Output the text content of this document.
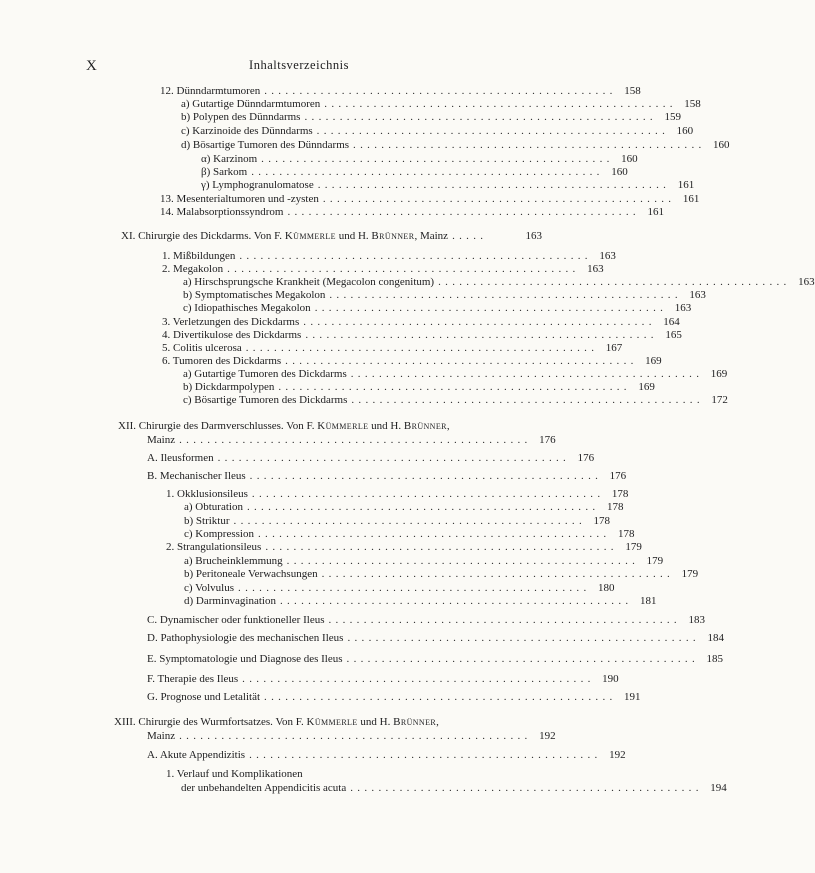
X	Inhaltsverzeichnis
12. Dünndarmtumoren .................................................. 158
a) Gutartige Dünndarmtumoren .................................................. 158
b) Polypen des Dünndarms .................................................. 159
c) Karzinoide des Dünndarms .................................................. 160
d) Bösartige Tumoren des Dünndarms .................................................. 160
α) Karzinom .................................................. 160
β) Sarkom .................................................. 160
γ) Lymphogranulomatose .................................................. 161
13. Mesenterialtumoren und -zysten .................................................. 161
14. Malabsorptionssyndrom .................................................. 161
XI. Chirurgie des Dickdarms. Von F. Kümmerle und H. Brünner, Mainz .....	163
1. Mißbildungen .................................................. 163
2. Megakolon .................................................. 163
a) Hirschsprungsche Krankheit (Megacolon congenitum) .................................................. 163
b) Symptomatisches Megakolon .................................................. 163
c) Idiopathisches Megakolon .................................................. 163
3. Verletzungen des Dickdarms .................................................. 164
4. Divertikulose des Dickdarms .................................................. 165
5. Colitis ulcerosa .................................................. 167
6. Tumoren des Dickdarms .................................................. 169
a) Gutartige Tumoren des Dickdarms .................................................. 169
b) Dickdarmpolypen .................................................. 169
c) Bösartige Tumoren des Dickdarms .................................................. 172
XII. Chirurgie des Darmverschlusses. Von F. Kümmerle und H. Brünner,
Mainz .................................................. 176
A. Ileusformen .................................................. 176
B. Mechanischer Ileus .................................................. 176
1. Okklusionsileus .................................................. 178
a) Obturation .................................................. 178
b) Striktur .................................................. 178
c) Kompression .................................................. 178
2. Strangulationsileus .................................................. 179
a) Brucheinklemmung .................................................. 179
b) Peritoneale Verwachsungen .................................................. 179
c) Volvulus .................................................. 180
d) Darminvagination .................................................. 181
C. Dynamischer oder funktioneller Ileus .................................................. 183
D. Pathophysiologie des mechanischen Ileus .................................................. 184
E. Symptomatologie und Diagnose des Ileus .................................................. 185
F. Therapie des Ileus .................................................. 190
G. Prognose und Letalität .................................................. 191
XIII. Chirurgie des Wurmfortsatzes. Von F. Kümmerle und H. Brünner,
Mainz .................................................. 192
A. Akute Appendizitis .................................................. 192
1. Verlauf und Komplikationen
der unbehandelten Appendicitis acuta .................................................. 194
